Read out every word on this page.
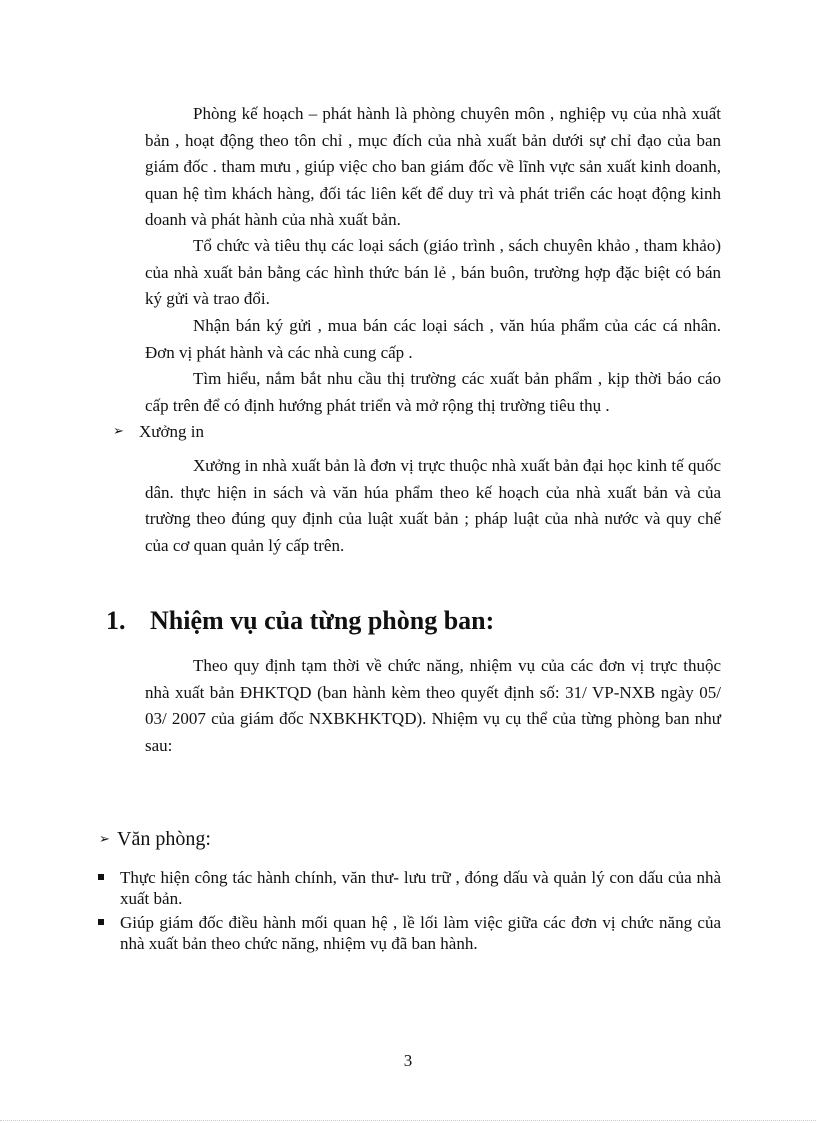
Phòng kế hoạch – phát hành là phòng chuyên môn , nghiệp vụ của nhà xuất bản , hoạt động theo tôn chỉ , mục đích của nhà xuất bản dưới sự chỉ đạo của ban giám đốc . tham mưu , giúp việc cho ban giám đốc về lĩnh vực sản xuất kinh doanh, quan hệ tìm khách hàng, đối tác liên kết để duy trì và phát triển các hoạt động kinh doanh và phát hành của nhà xuất bản.

Tổ chức và tiêu thụ các loại sách (giáo trình , sách chuyên khảo , tham khảo) của nhà xuất bản bằng các hình thức bán lẻ , bán buôn, trường hợp đặc biệt có bán ký gửi và trao đổi.

Nhận bán ký gửi , mua bán các loại sách , văn húa phẩm của các cá nhân. Đơn vị phát hành và các nhà cung cấp .

Tìm hiểu, nắm bắt nhu cầu thị trường các xuất bản phẩm , kịp thời báo cáo cấp trên để có định hướng phát triển và mở rộng thị trường tiêu thụ .

➢ Xưởng in

Xưởng in nhà xuất bản là đơn vị trực thuộc nhà xuất bản đại học kinh tế quốc dân. thực hiện in sách và văn húa phẩm theo kế hoạch của nhà xuất bản và của trường theo đúng quy định của luật xuất bản ; pháp luật của nhà nước và quy chế của cơ quan quản lý cấp trên.

1. Nhiệm vụ của từng phòng ban:

Theo quy định tạm thời về chức năng, nhiệm vụ của các đơn vị trực thuộc nhà xuất bản ĐHKTQD (ban hành kèm theo quyết định số: 31/ VP-NXB ngày 05/ 03/ 2007 của giám đốc NXBKHKTQD). Nhiệm vụ cụ thể của từng phòng ban như sau:

➢ Văn phòng:

Thực hiện công tác hành chính, văn thư- lưu trữ , đóng dấu và quản lý con dấu của nhà xuất bản.
Giúp giám đốc điều hành mối quan hệ , lề lối làm việc giữa các đơn vị chức năng của nhà xuất bản theo chức năng, nhiệm vụ đã ban hành.
3
